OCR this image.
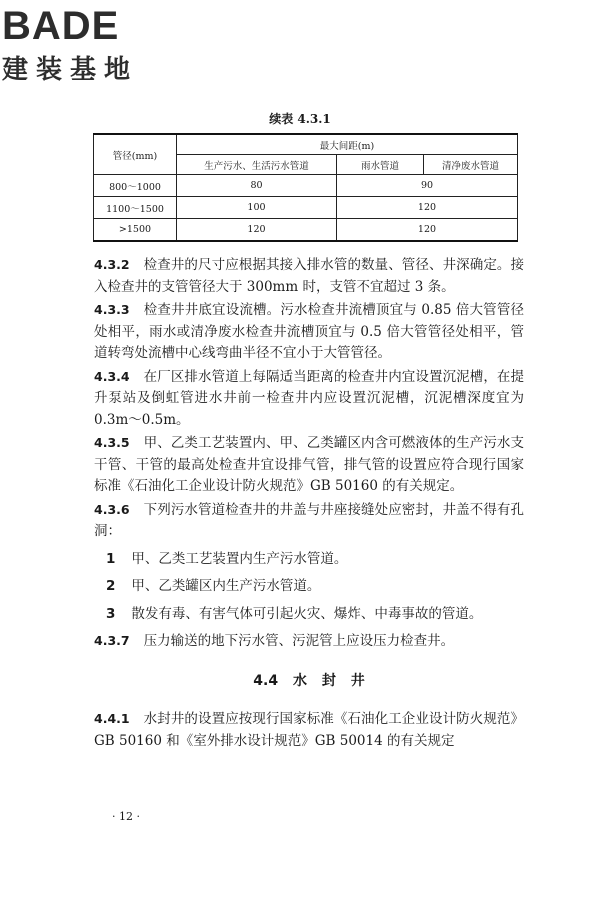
BADE
建装基地
续表 4.3.1
管径(mm)	最大间距(m)		
	生产污水、生活污水管道	雨水管道	清净废水管道
800～1000	80	90	
1100～1500	100	120	
>1500	120	120	

4.3.2 检查井的尺寸应根据其接入排水管的数量、管径、井深确定。接入检查井的支管管径大于 300mm 时，支管不宜超过 3 条。

4.3.3 检查井井底宜设流槽。污水检查井流槽顶宜与 0.85 倍大管管径处相平，雨水或清净废水检查井流槽顶宜与 0.5 倍大管管径处相平，管道转弯处流槽中心线弯曲半径不宜小于大管管径。

4.3.4 在厂区排水管道上每隔适当距离的检查井内宜设置沉泥槽，在提升泵站及倒虹管进水井前一检查井内应设置沉泥槽，沉泥槽深度宜为 0.3m～0.5m。

4.3.5 甲、乙类工艺装置内、甲、乙类罐区内含可燃液体的生产污水支干管、干管的最高处检查井宜设排气管，排气管的设置应符合现行国家标准《石油化工企业设计防火规范》GB 50160 的有关规定。

4.3.6 下列污水管道检查井的井盖与井座接缝处应密封，井盖不得有孔洞：

1 甲、乙类工艺装置内生产污水管道。
2 甲、乙类罐区内生产污水管道。
3 散发有毒、有害气体可引起火灾、爆炸、中毒事故的管道。

4.3.7 压力输送的地下污水管、污泥管上应设压力检查井。

4.4 水 封 井

4.4.1 水封井的设置应按现行国家标准《石油化工企业设计防火规范》GB 50160 和《室外排水设计规范》GB 50014 的有关规定

· 12 ·
